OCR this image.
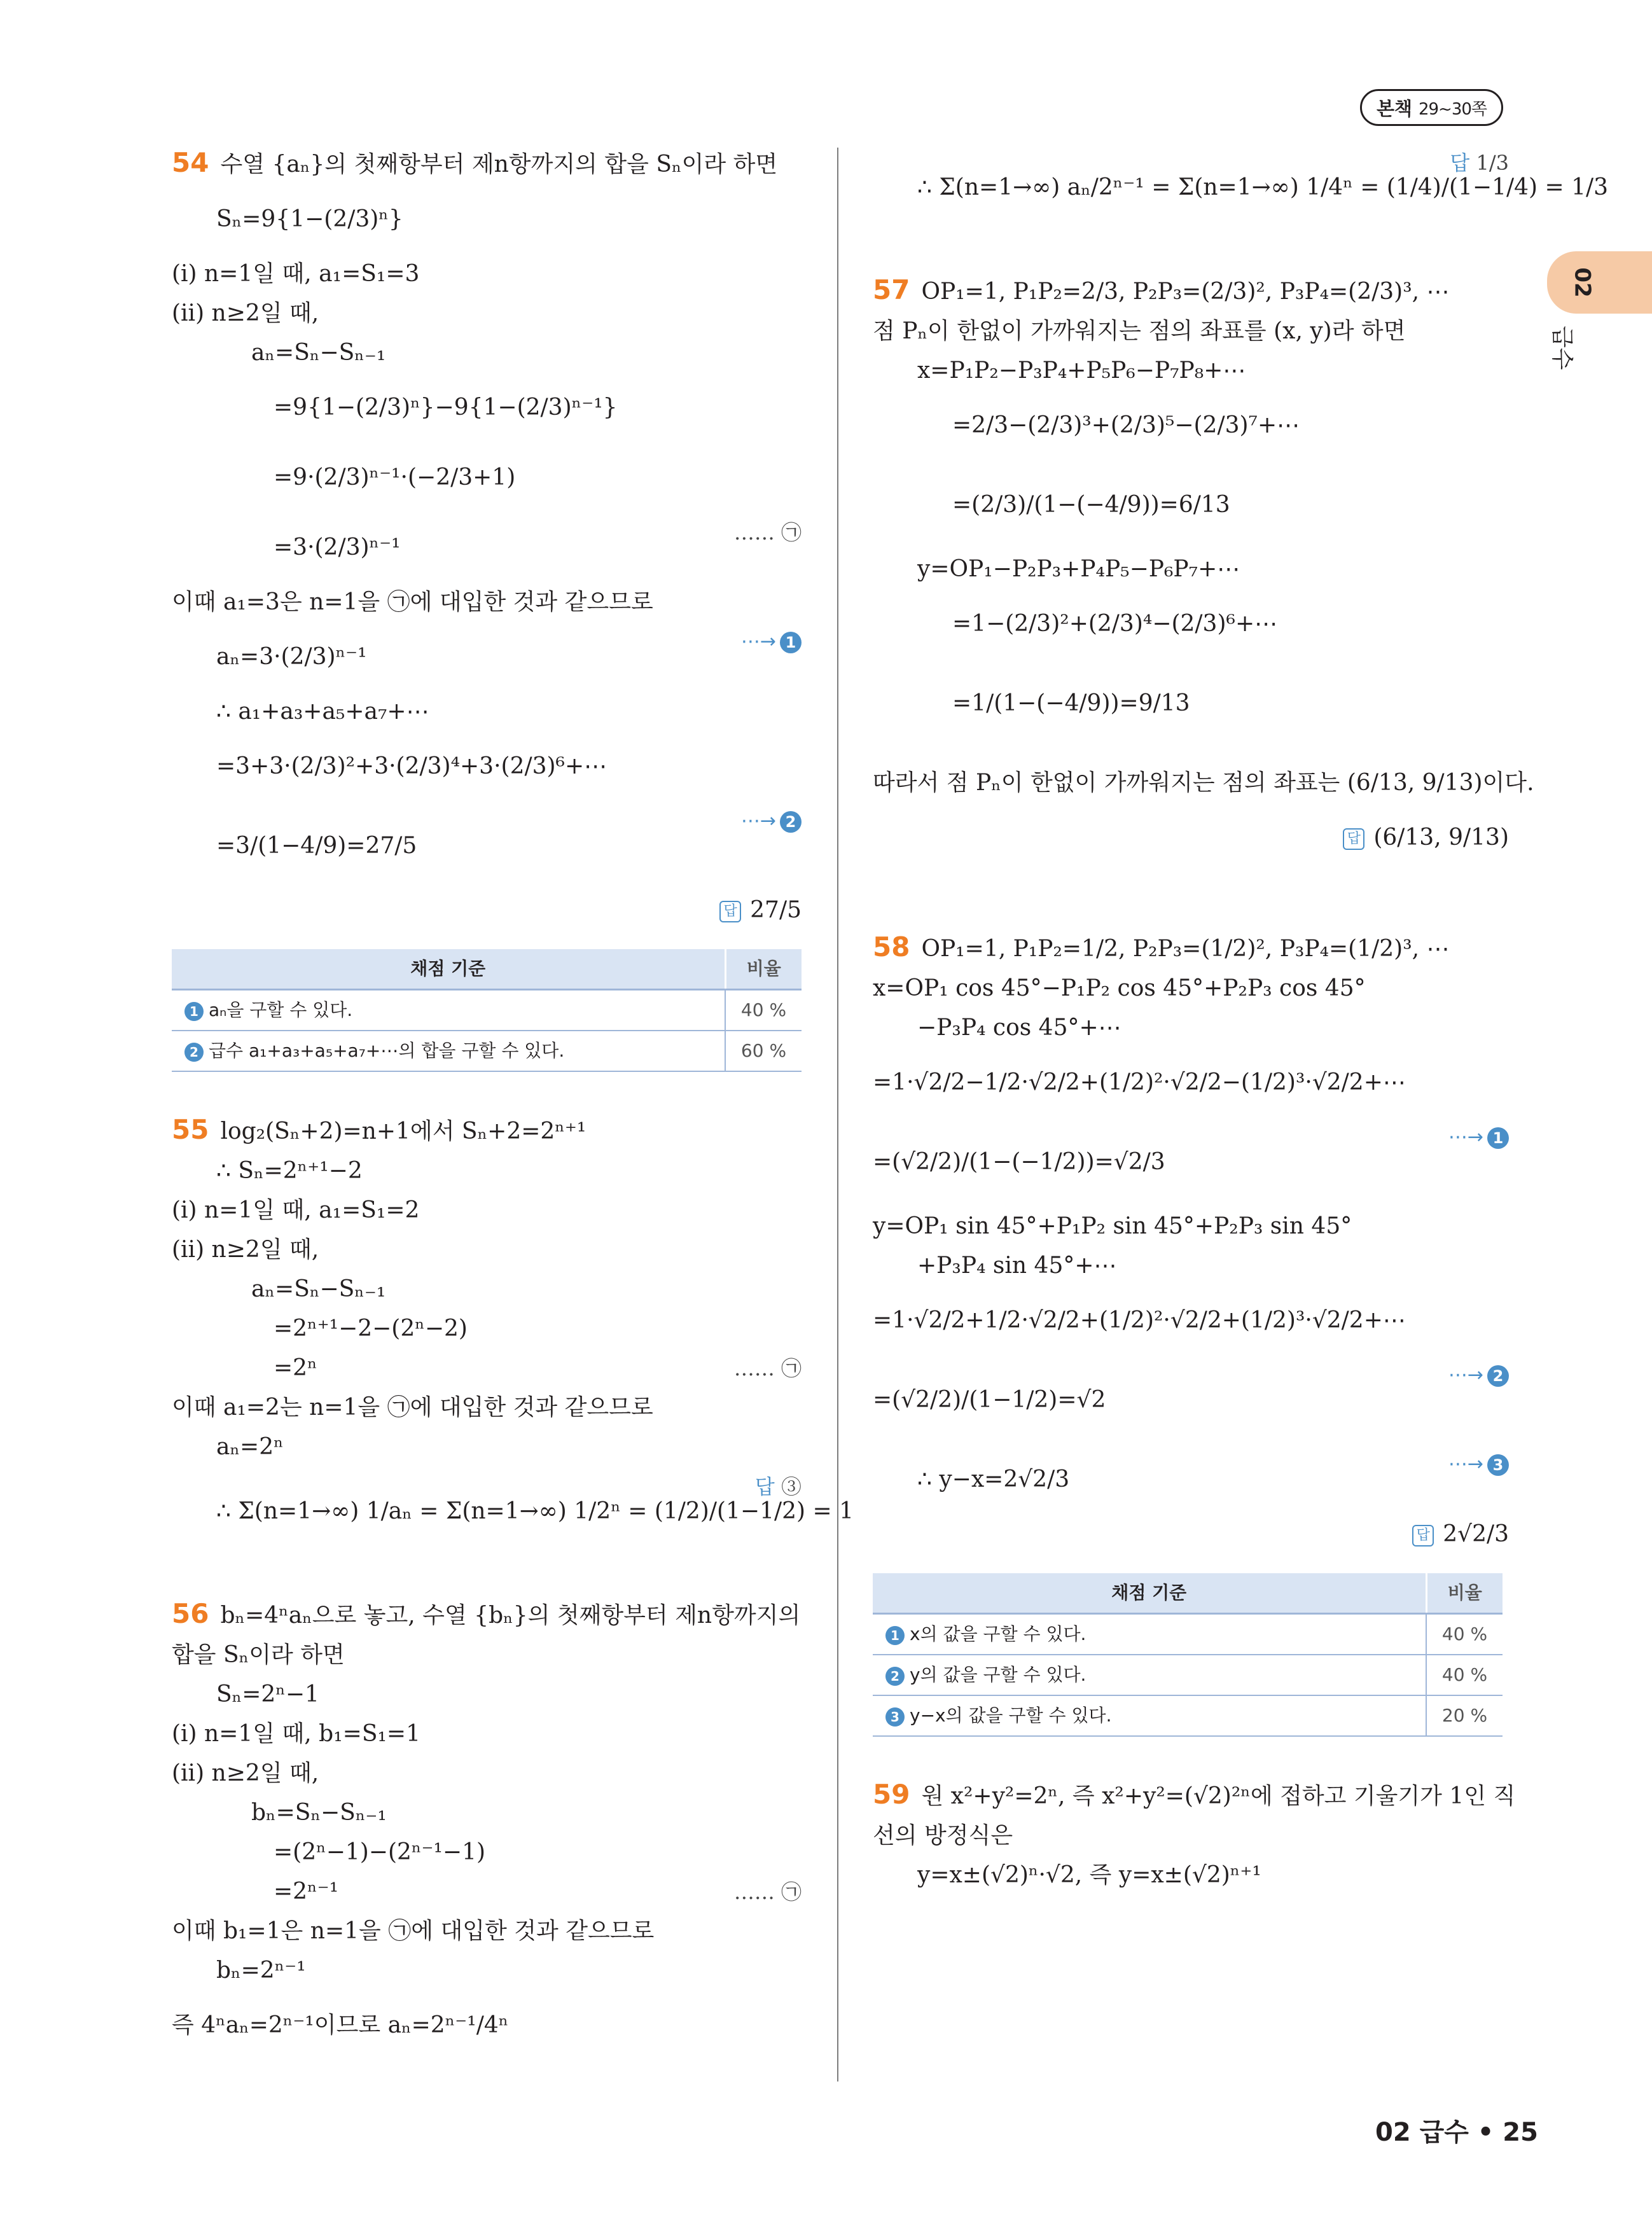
본책 29~30쪽
02
급수
54 수열 {aₙ}의 첫째항부터 제n항까지의 합을 Sₙ이라 하면
Sₙ=9{1−(2/3)ⁿ}
(ⅰ) n=1일 때, a₁=S₁=3
(ⅱ) n≥2일 때,
aₙ=Sₙ−Sₙ₋₁
=9{1−(2/3)ⁿ}−9{1−(2/3)ⁿ⁻¹}
=9·(2/3)ⁿ⁻¹·(−2/3+1)
=3·(2/3)ⁿ⁻¹
…… ㉠
이때 a₁=3은 n=1을 ㉠에 대입한 것과 같으므로
aₙ=3·(2/3)ⁿ⁻¹
⋯→ 1
∴ a₁+a₃+a₅+a₇+⋯
=3+3·(2/3)²+3·(2/3)⁴+3·(2/3)⁶+⋯
=3/(1−4/9)=27/5
⋯→ 2
답 27/5
채점 기준	비율
1 aₙ을 구할 수 있다.	40 %
2 급수 a₁+a₃+a₅+a₇+⋯의 합을 구할 수 있다.	60 %
55 log₂(Sₙ+2)=n+1에서 Sₙ+2=2ⁿ⁺¹
∴ Sₙ=2ⁿ⁺¹−2
(ⅰ) n=1일 때, a₁=S₁=2
(ⅱ) n≥2일 때,
aₙ=Sₙ−Sₙ₋₁
=2ⁿ⁺¹−2−(2ⁿ−2)
=2ⁿ	…… ㉠
이때 a₁=2는 n=1을 ㉠에 대입한 것과 같으므로
aₙ=2ⁿ
∴ Σ(n=1→∞) 1/aₙ = Σ(n=1→∞) 1/2ⁿ = (1/2)/(1−1/2) = 1
답 ③
56 bₙ=4ⁿaₙ으로 놓고, 수열 {bₙ}의 첫째항부터 제n항까지의
합을 Sₙ이라 하면
Sₙ=2ⁿ−1
(ⅰ) n=1일 때, b₁=S₁=1
(ⅱ) n≥2일 때,
bₙ=Sₙ−Sₙ₋₁
=(2ⁿ−1)−(2ⁿ⁻¹−1)
=2ⁿ⁻¹	…… ㉠
이때 b₁=1은 n=1을 ㉠에 대입한 것과 같으므로
bₙ=2ⁿ⁻¹
즉 4ⁿaₙ=2ⁿ⁻¹이므로 aₙ=2ⁿ⁻¹/4ⁿ
∴ Σ(n=1→∞) aₙ/2ⁿ⁻¹ = Σ(n=1→∞) 1/4ⁿ = (1/4)/(1−1/4) = 1/3
답 1/3
57 OP₁=1, P₁P₂=2/3, P₂P₃=(2/3)², P₃P₄=(2/3)³, ⋯
점 Pₙ이 한없이 가까워지는 점의 좌표를 (x, y)라 하면
x=P₁P₂−P₃P₄+P₅P₆−P₇P₈+⋯
=2/3−(2/3)³+(2/3)⁵−(2/3)⁷+⋯
=(2/3)/(1−(−4/9))=6/13
y=OP₁−P₂P₃+P₄P₅−P₆P₇+⋯
=1−(2/3)²+(2/3)⁴−(2/3)⁶+⋯
=1/(1−(−4/9))=9/13
따라서 점 Pₙ이 한없이 가까워지는 점의 좌표는 (6/13, 9/13)이다.
답 (6/13, 9/13)
58 OP₁=1, P₁P₂=1/2, P₂P₃=(1/2)², P₃P₄=(1/2)³, ⋯
x=OP₁ cos 45°−P₁P₂ cos 45°+P₂P₃ cos 45°
−P₃P₄ cos 45°+⋯
=1·√2/2−1/2·√2/2+(1/2)²·√2/2−(1/2)³·√2/2+⋯
=(√2/2)/(1−(−1/2))=√2/3
⋯→ 1
y=OP₁ sin 45°+P₁P₂ sin 45°+P₂P₃ sin 45°
+P₃P₄ sin 45°+⋯
=1·√2/2+1/2·√2/2+(1/2)²·√2/2+(1/2)³·√2/2+⋯
=(√2/2)/(1−1/2)=√2
⋯→ 2
∴ y−x=2√2/3
⋯→ 3
답 2√2/3
채점 기준	비율
1 x의 값을 구할 수 있다.	40 %
2 y의 값을 구할 수 있다.	40 %
3 y−x의 값을 구할 수 있다.	20 %
59 원 x²+y²=2ⁿ, 즉 x²+y²=(√2)²ⁿ에 접하고 기울기가 1인 직
선의 방정식은
y=x±(√2)ⁿ·√2, 즉 y=x±(√2)ⁿ⁺¹
02 급수 • 25
